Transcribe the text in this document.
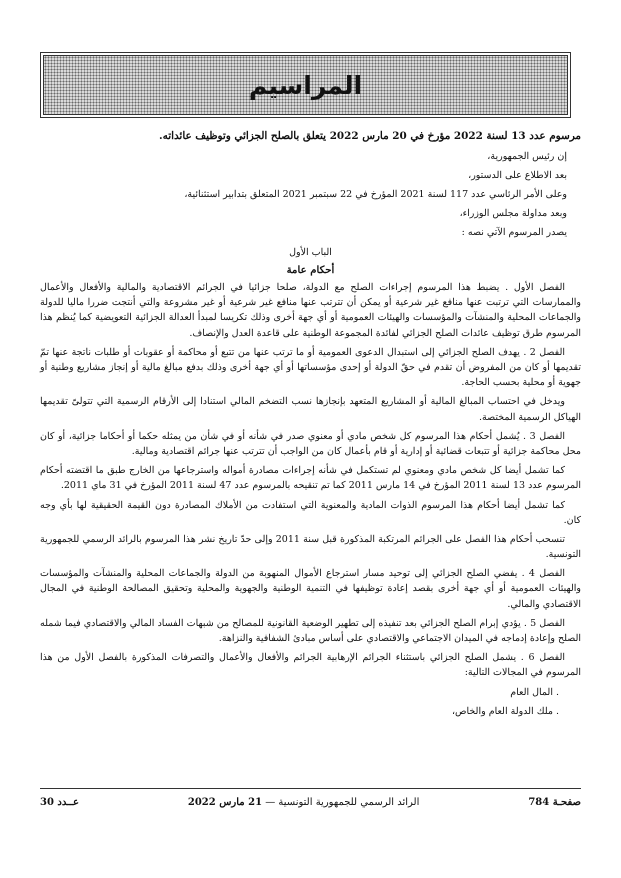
المراسيم

مرسوم عدد 13 لسنة 2022 مؤرخ في 20 مارس 2022 يتعلق بالصلح الجزائي وتوظيف عائداته.

إن رئيس الجمهورية،

بعد الاطلاع على الدستور،

وعلى الأمر الرئاسي عدد 117 لسنة 2021 المؤرخ في 22 سبتمبر 2021 المتعلق بتدابير استثنائية،

وبعد مداولة مجلس الوزراء،

يصدر المرسوم الآتي نصه :

الباب الأول

أحكام عامة

الفصل الأول . يضبط هذا المرسوم إجراءات الصلح مع الدولة، صلحا جزائيا في الجرائم الاقتصادية والمالية والأفعال والأعمال والممارسات التي ترتبت عنها منافع غير شرعية أو يمكن أن تترتب عنها منافع غير شرعية أو غير مشروعة والتي أنتجت ضررا ماليا للدولة والجماعات المحلية والمنشآت والمؤسسات والهيئات العمومية أو أي جهة أخرى وذلك تكريسا لمبدأ العدالة الجزائية التعويضية كما يُنظم هذا المرسوم طرق توظيف عائدات الصلح الجزائي لفائدة المجموعة الوطنية على قاعدة العدل والإنصاف.

الفصل 2 . يهدف الصلح الجزائي إلى استبدال الدعوى العمومية أو ما ترتب عنها من تتبع أو محاكمة أو عقوبات أو طلبات ناتجة عنها تمّ تقديمها أو كان من المفروض أن تقدم في حقّ الدولة أو إحدى مؤسساتها أو أي جهة أخرى وذلك بدفع مبالغ مالية أو إنجاز مشاريع وطنية أو جهوية أو محلية بحسب الحاجة.

ويدخل في احتساب المبالغ المالية أو المشاريع المتعهد بإنجازها نسب التضخم المالي استنادا إلى الأرقام الرسمية التي تتولىّ تقديمها الهياكل الرسمية المختصة.

الفصل 3 . يُشمل أحكام هذا المرسوم كل شخص مادي أو معنوي صدر في شأنه أو في شأن من يمثله حكما أو أحكاما جزائية، أو كان محل محاكمة جزائية أو تتبعات قضائية أو إدارية أو قام بأعمال كان من الواجب أن تترتب عنها جرائم اقتصادية ومالية.

كما تشمل أيضا كل شخص مادي ومعنوي لم تستكمل في شأنه إجراءات مصادرة أمواله واسترجاعها من الخارج طبق ما اقتضته أحكام المرسوم عدد 13 لسنة 2011 المؤرخ في 14 مارس 2011 كما تم تنقيحه بالمرسوم عدد 47 لسنة 2011 المؤرخ في 31 ماي 2011.

كما تشمل أيضا أحكام هذا المرسوم الذوات المادية والمعنوية التي استفادت من الأملاك المصادرة دون القيمة الحقيقية لها بأي وجه كان.

تنسحب أحكام هذا الفصل على الجرائم المرتكبة المذكورة قبل سنة 2011 وإلى حدّ تاريخ نشر هذا المرسوم بالرائد الرسمي للجمهورية التونسية.

الفصل 4 . يفضي الصلح الجزائي إلى توحيد مسار استرجاع الأموال المنهوبة من الدولة والجماعات المحلية والمنشآت والمؤسسات والهيئات العمومية أو أي جهة أخرى بقصد إعادة توظيفها في التنمية الوطنية والجهوية والمحلية وتحقيق المصالحة الوطنية في المجال الاقتصادي والمالي.

الفصل 5 . يؤدي إبرام الصلح الجزائي بعد تنفيذه إلى تطهير الوضعية القانونية للمصالح من شبهات الفساد المالي والاقتصادي فيما شمله الصلح وإعادة إدماجه في الميدان الاجتماعي والاقتصادي على أساس مبادئ الشفافية والنزاهة.

الفصل 6 . يشمل الصلح الجزائي باستثناء الجرائم الإرهابية الجرائم والأفعال والأعمال والتصرفات المذكورة بالفصل الأول من هذا المرسوم في المجالات التالية:

. المال العام

. ملك الدولة العام والخاص،

صفحـة 784
الرائد الرسمي للجمهورية التونسية — 21 مارس 2022
عــدد 30
